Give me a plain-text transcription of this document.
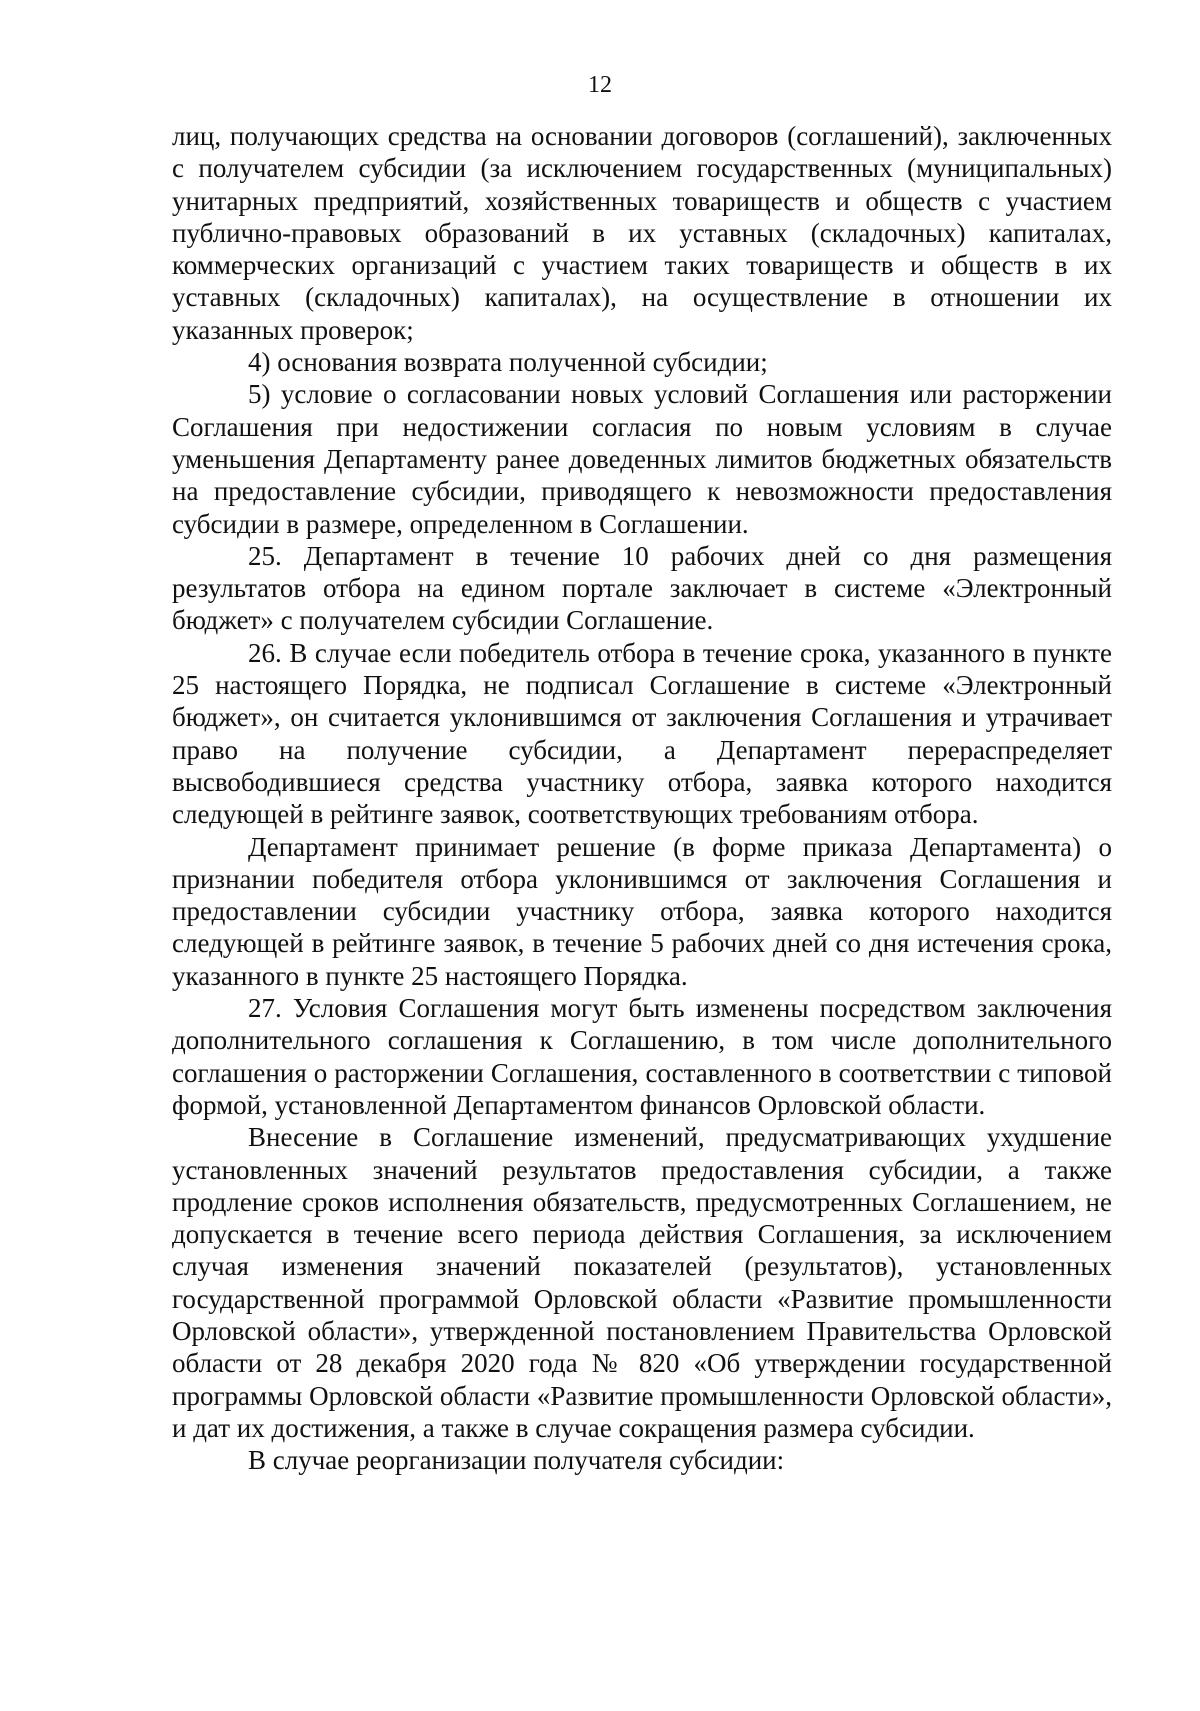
12

лиц, получающих средства на основании договоров (соглашений), заключенных с получателем субсидии (за исключением государственных (муниципальных) унитарных предприятий, хозяйственных товариществ и обществ с участием публично-правовых образований в их уставных (складочных) капиталах, коммерческих организаций с участием таких товариществ и обществ в их уставных (складочных) капиталах), на осуществление в отношении их указанных проверок;

4) основания возврата полученной субсидии;

5) условие о согласовании новых условий Соглашения или расторжении Соглашения при недостижении согласия по новым условиям в случае уменьшения Департаменту ранее доведенных лимитов бюджетных обязательств на предоставление субсидии, приводящего к невозможности предоставления субсидии в размере, определенном в Соглашении.

25. Департамент в течение 10 рабочих дней со дня размещения результатов отбора на едином портале заключает в системе «Электронный бюджет» с получателем субсидии Соглашение.

26. В случае если победитель отбора в течение срока, указанного в пункте 25 настоящего Порядка, не подписал Соглашение в системе «Электронный бюджет», он считается уклонившимся от заключения Соглашения и утрачивает право на получение субсидии, а Департамент перераспределяет высвободившиеся средства участнику отбора, заявка которого находится следующей в рейтинге заявок, соответствующих требованиям отбора.

Департамент принимает решение (в форме приказа Департамента) о признании победителя отбора уклонившимся от заключения Соглашения и предоставлении субсидии участнику отбора, заявка которого находится следующей в рейтинге заявок, в течение 5 рабочих дней со дня истечения срока, указанного в пункте 25 настоящего Порядка.

27. Условия Соглашения могут быть изменены посредством заключения дополнительного соглашения к Соглашению, в том числе дополнительного соглашения о расторжении Соглашения, составленного в соответствии с типовой формой, установленной Департаментом финансов Орловской области.

Внесение в Соглашение изменений, предусматривающих ухудшение установленных значений результатов предоставления субсидии, а также продление сроков исполнения обязательств, предусмотренных Соглашением, не допускается в течение всего периода действия Соглашения, за исключением случая изменения значений показателей (результатов), установленных государственной программой Орловской области «Развитие промышленности Орловской области», утвержденной постановлением Правительства Орловской области от 28 декабря 2020 года № 820 «Об утверждении государственной программы Орловской области «Развитие промышленности Орловской области», и дат их достижения, а также в случае сокращения размера субсидии.

В случае реорганизации получателя субсидии:
